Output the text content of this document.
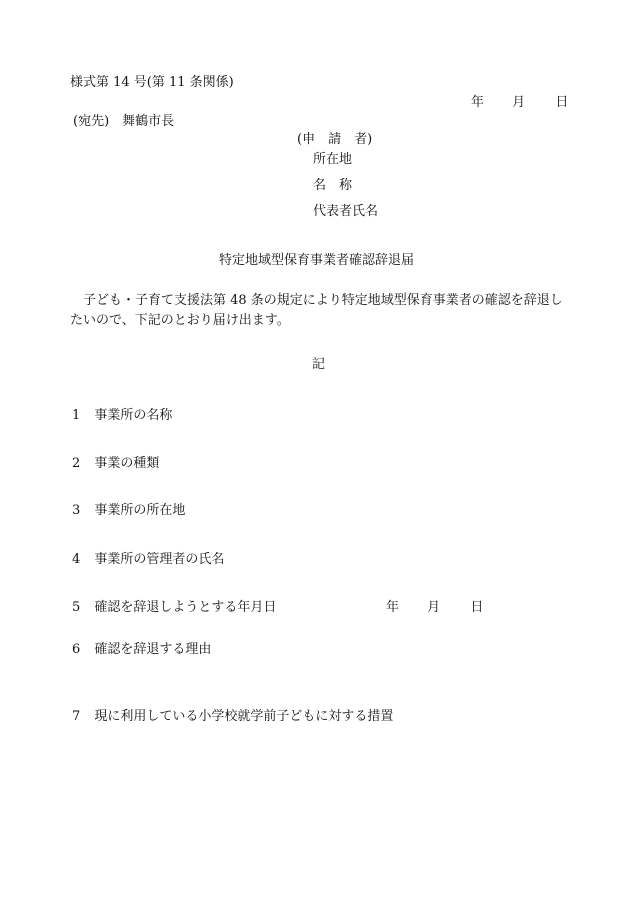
様式第 14 号(第 11 条関係)
年 月 日
(宛先)　舞鶴市長
(申　請　者)
所在地
名　称
代表者氏名
特定地域型保育事業者確認辞退届
　子ども・子育て支援法第 48 条の規定により特定地域型保育事業者の確認を辞退したいので、下記のとおり届け出ます。
記
1 事業所の名称
2 事業の種類
3 事業所の所在地
4 事業所の管理者の氏名
5 確認を辞退しようとする年月日	年 月 日
6 確認を辞退する理由
7 現に利用している小学校就学前子どもに対する措置
